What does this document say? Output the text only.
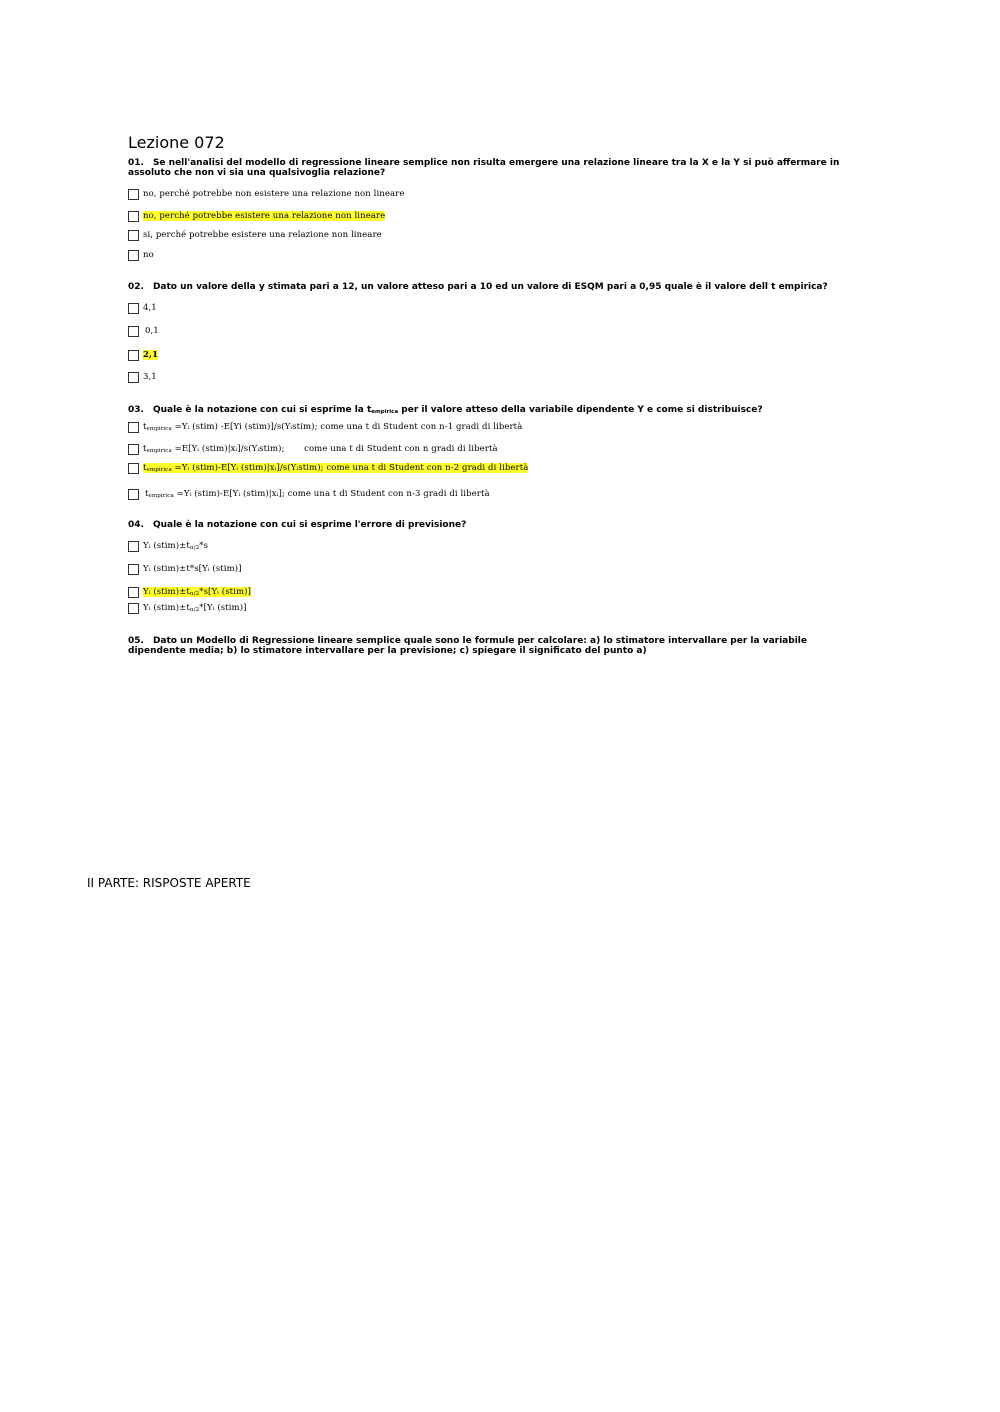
Lezione 072
01. Se nell'analisi del modello di regressione lineare semplice non risulta emergere una relazione lineare tra la X e la Y si può affermare in assoluto che non vi sia una qualsivoglia relazione?
no, perché potrebbe non esistere una relazione non lineare
no, perché potrebbe esistere una relazione non lineare
si, perché potrebbe esistere una relazione non lineare
no
02. Dato un valore della y stimata pari a 12, un valore atteso pari a 10 ed un valore di ESQM pari a 0,95 quale è il valore dell t empirica?
4,1
0,1
2,1
3,1
03. Quale è la notazione con cui si esprime la $t_{empirica}$ per il valore atteso della variabile dipendente Y e come si distribuisce?
$t_{empirica}$ =Yᵢ (stim) -E[Yi (stim)]/s(Yᵢstim); come una t di Student con n-1 gradi di libertà
$t_{empirica}$ =E[Yᵢ (stim)|xᵢ]/s(Yᵢstim);       come una t di Student con n gradi di libertà
$t_{empirica}$ =Yᵢ (stim)-E[Yᵢ (stim)|xᵢ]/s(Yᵢstim); come una t di Student con n-2 gradi di libertà
$t_{empirica}$ =Yᵢ (stim)-E[Yᵢ (stim)|xᵢ]; come una t di Student con n-3 gradi di libertà
04. Quale è la notazione con cui si esprime l'errore di previsione?
Yᵢ $(stim)\pm t_{\alpha/2}*s$
Yᵢ (stim)±t*s[Yᵢ (stim)]
Yᵢ $(stim)\pm t_{\alpha/2}*s[Yᵢ$ (stim)]
Yᵢ $(stim)\pm t_{\alpha/2}*[Yᵢ$ (stim)]
05. Dato un Modello di Regressione lineare semplice quale sono le formule per calcolare: a) lo stimatore intervallare per la variabile dipendente media; b) lo stimatore intervallare per la previsione; c) spiegare il significato del punto a)
II PARTE: RISPOSTE APERTE
